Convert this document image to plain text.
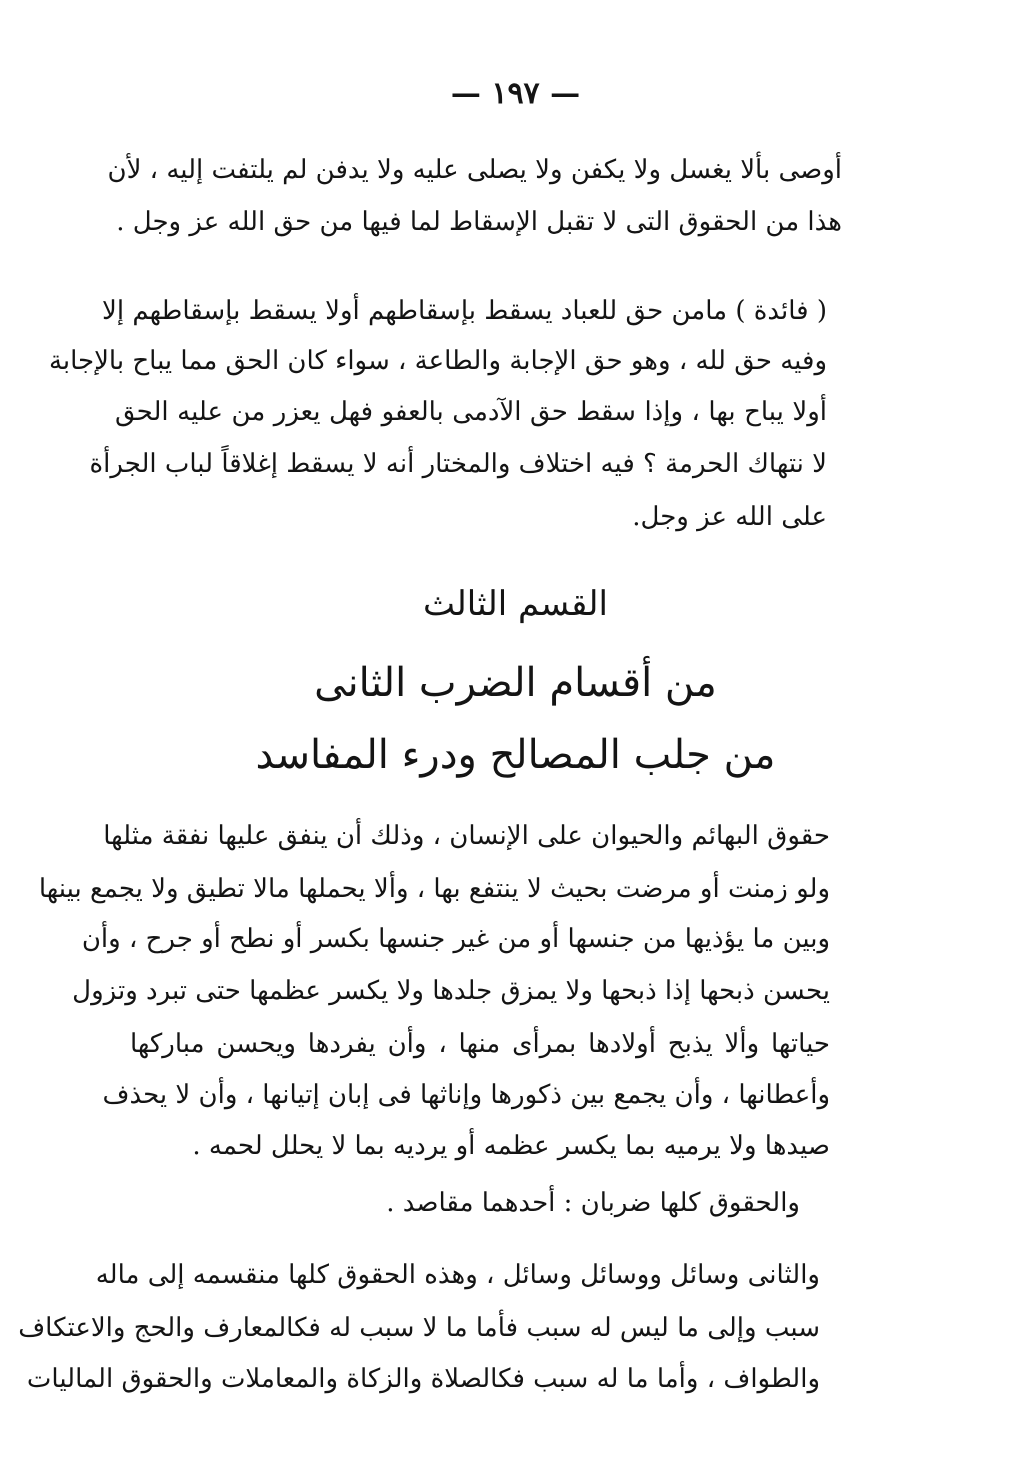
— ١٩٧ —
أوصى بألا يغسل ولا يكفن ولا يصلى عليه ولا يدفن لم يلتفت إليه ، لأن
هذا من الحقوق التى لا تقبل الإسقاط لما فيها من حق الله عز وجل .
( فائدة ) مامن حق للعباد يسقط بإسقاطهم أولا يسقط بإسقاطهم إلا
وفيه حق لله ، وهو حق الإجابة والطاعة ، سواء كان الحق مما يباح بالإجابة
أولا يباح بها ، وإذا سقط حق الآدمى بالعفو فهل يعزر من عليه الحق
لا نتهاك الحرمة ؟ فيه اختلاف والمختار أنه لا يسقط إغلاقاً لباب الجرأة
على الله عز وجل.
القسم الثالث
من أقسام الضرب الثانى
من جلب المصالح ودرء المفاسد
حقوق البهائم والحيوان على الإنسان ، وذلك أن ينفق عليها نفقة مثلها
ولو زمنت أو مرضت بحيث لا ينتفع بها ، وألا يحملها مالا تطيق ولا يجمع بينها
وبين ما يؤذيها من جنسها أو من غير جنسها بكسر أو نطح أو جرح ، وأن
يحسن ذبحها إذا ذبحها ولا يمزق جلدها ولا يكسر عظمها حتى تبرد وتزول
حياتها وألا يذبح أولادها بمرأى منها ، وأن يفردها ويحسن مباركها
وأعطانها ، وأن يجمع بين ذكورها وإناثها فى إبان إتيانها ، وأن لا يحذف
صيدها ولا يرميه بما يكسر عظمه أو يرديه بما لا يحلل لحمه .
والحقوق كلها ضربان : أحدهما مقاصد .
والثانى وسائل ووسائل وسائل ، وهذه الحقوق كلها منقسمه إلى ماله
سبب وإلى ما ليس له سبب فأما ما لا سبب له فكالمعارف والحج والاعتكاف
والطواف ، وأما ما له سبب فكالصلاة والزكاة والمعاملات والحقوق الماليات
